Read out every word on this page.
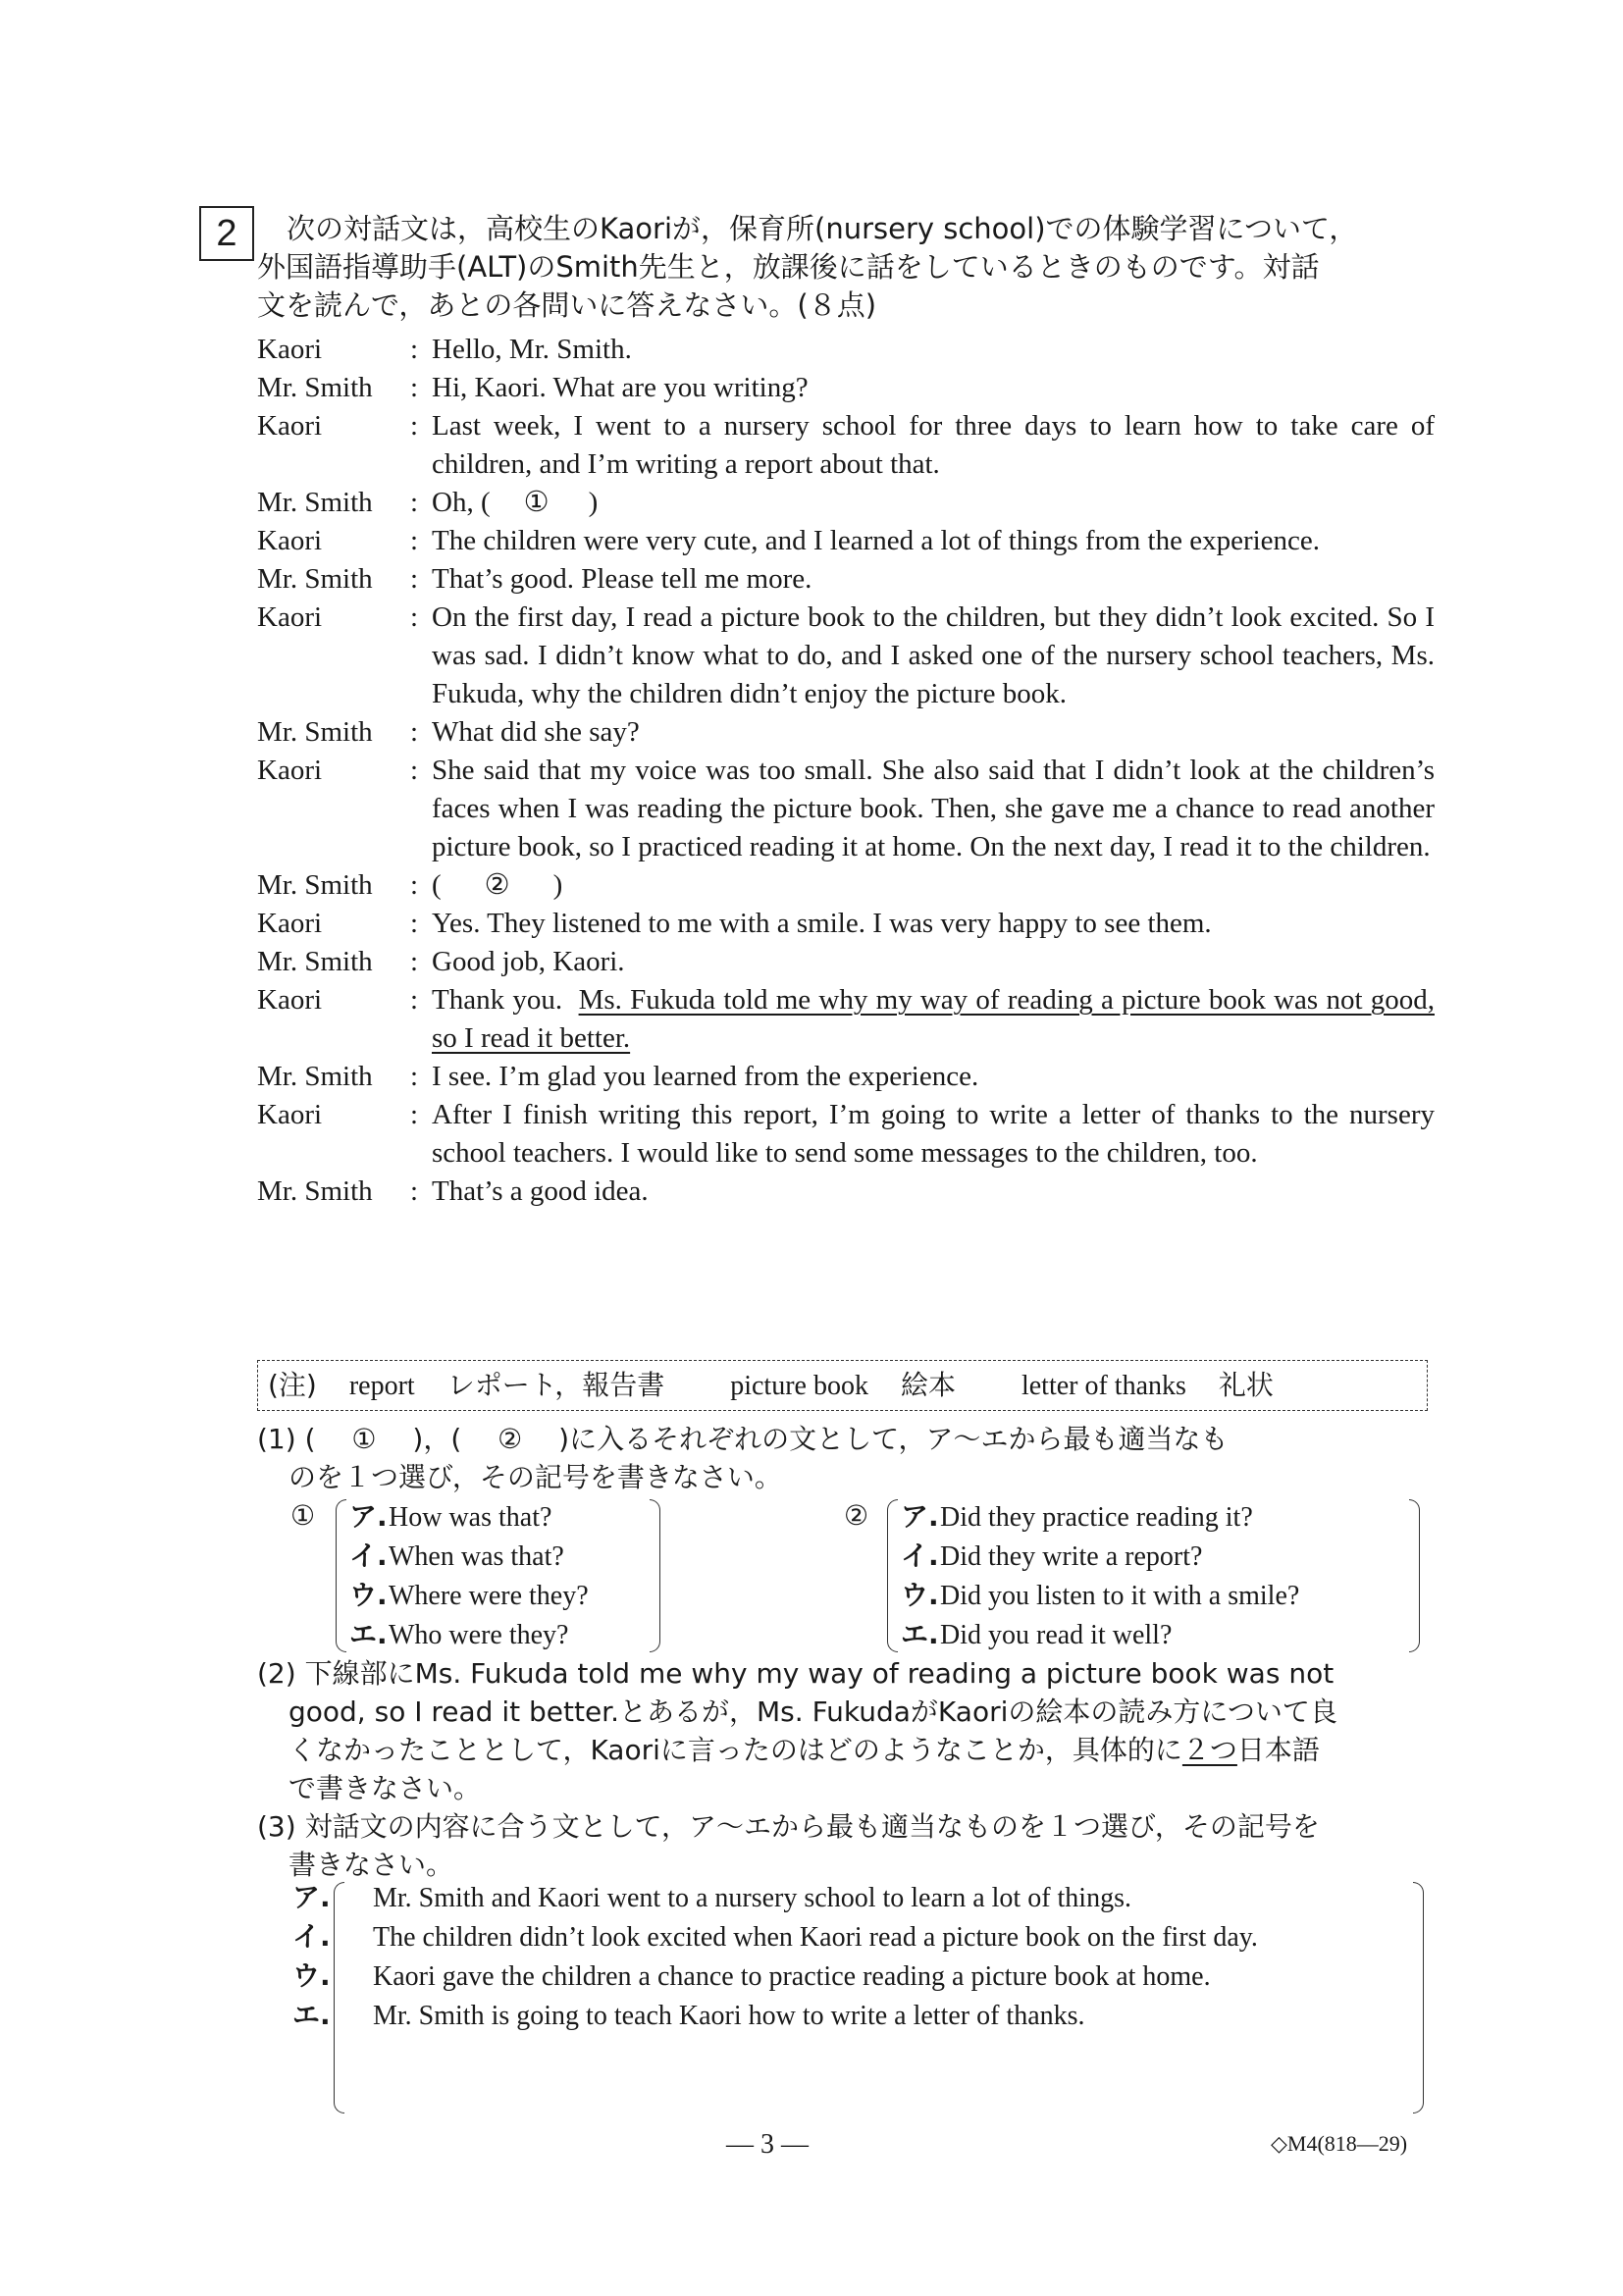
2	次の対話文は，高校生のKaoriが，保育所(nursery school)での体験学習について，
外国語指導助手(ALT)のSmith先生と，放課後に話をしているときのものです。対話
文を読んで，あとの各問いに答えなさい。(８点)
Kaori	: Hello, Mr. Smith.
Mr. Smith	: Hi, Kaori. What are you writing?
Kaori	: Last week, I went to a nursery school for three days to learn how to take care of children, and I’m writing a report about that.
Mr. Smith	: Oh, ( ① )
Kaori	: The children were very cute, and I learned a lot of things from the experience.
Mr. Smith	: That’s good. Please tell me more.
Kaori	: On the first day, I read a picture book to the children, but they didn’t look excited. So I was sad. I didn’t know what to do, and I asked one of the nursery school teachers, Ms. Fukuda, why the children didn’t enjoy the picture book.
Mr. Smith	: What did she say?
Kaori	: She said that my voice was too small. She also said that I didn’t look at the children’s faces when I was reading the picture book. Then, she gave me a chance to read another picture book, so I practiced reading it at home. On the next day, I read it to the children.
Mr. Smith	: ( ② )
Kaori	: Yes. They listened to me with a smile. I was very happy to see them.
Mr. Smith	: Good job, Kaori.
Kaori	: Thank you.  Ms. Fukuda told me why my way of reading a picture book was not good, so I read it better.
Mr. Smith	: I see. I’m glad you learned from the experience.
Kaori	: After I finish writing this report, I’m going to write a letter of thanks to the nursery school teachers. I would like to send some messages to the children, too.
Mr. Smith	: That’s a good idea.
(注) report レポート，報告書 picture book 絵本 letter of thanks 礼状
(1) (　 ① 　)，(　 ② 　)に入るそれぞれの文として，ア～エから最も適当なも
のを１つ選び，その記号を書きなさい。
① ア.How was that?
イ.When was that?
ウ.Where were they?
エ.Who were they?
② ア.Did they practice reading it?
イ.Did they write a report?
ウ.Did you listen to it with a smile?
エ.Did you read it well?
(2) 下線部にMs. Fukuda told me why my way of reading a picture book was not
good, so I read it better.とあるが，Ms. FukudaがKaoriの絵本の読み方について良
くなかったこととして，Kaoriに言ったのはどのようなことか，具体的に２つ日本語
で書きなさい。
(3) 対話文の内容に合う文として，ア～エから最も適当なものを１つ選び，その記号を
書きなさい。
ア. Mr. Smith and Kaori went to a nursery school to learn a lot of things.
イ. The children didn’t look excited when Kaori read a picture book on the first day.
ウ. Kaori gave the children a chance to practice reading a picture book at home.
エ. Mr. Smith is going to teach Kaori how to write a letter of thanks.
— 3 —	◇M4(818—29)
